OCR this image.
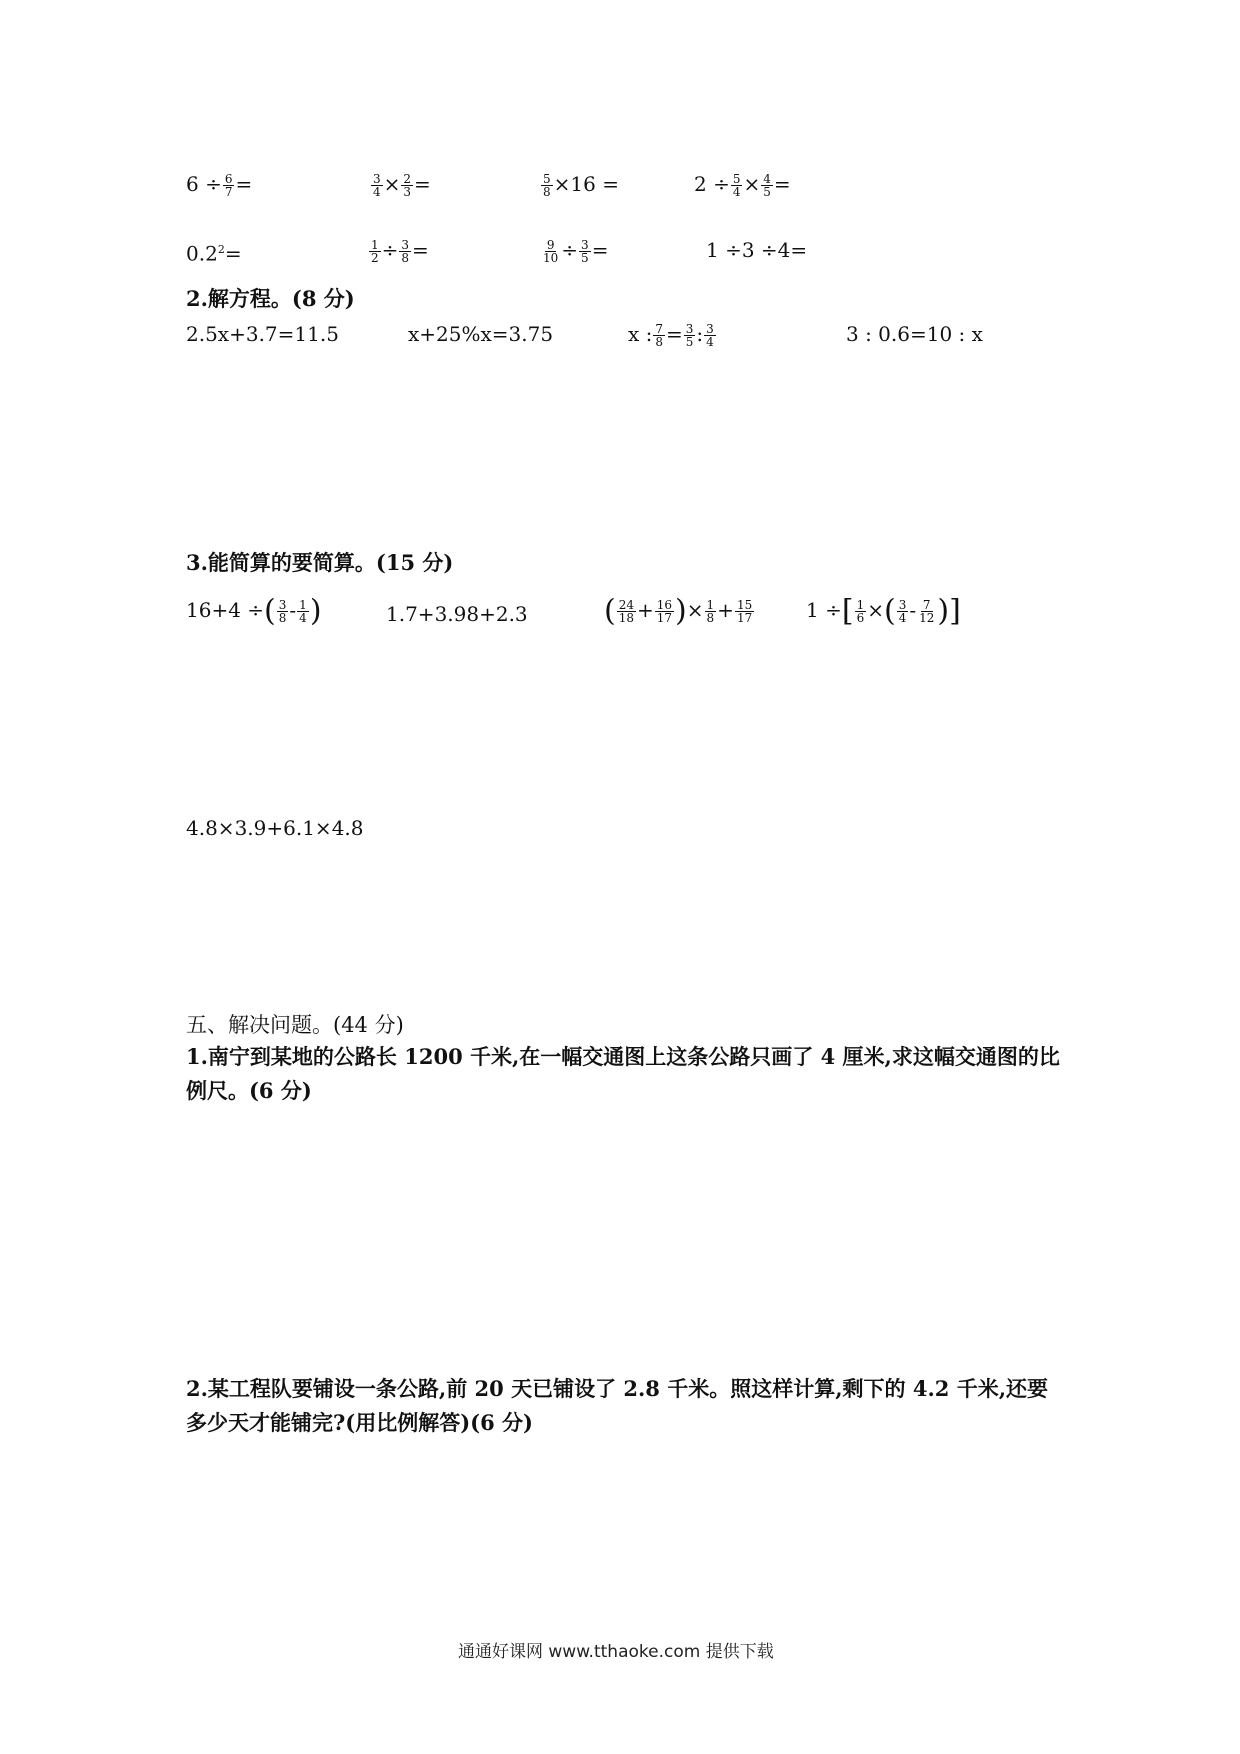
$6 \div \frac{6}{7}$ =	$\frac{3}{4} \times \frac{2}{3}$ =	$\frac{5}{8} \times 16$ =	$2 \div \frac{5}{4} \times \frac{4}{5}$ =
$0.2^2=$	$\frac{1}{2} \div \frac{3}{8}$ =	$\frac{9}{10} \div \frac{3}{5}$ =	1 ÷3 ÷4=
2.解方程。(8 分)
2.5x+3.7=11.5	x+25%x=3.75	x : $\frac{7}{8} = \frac{3}{5}$ : $\frac{3}{4}$	3 : 0.6=10 : x
3.能简算的要简算。(15 分)
16+4 ÷( $\frac{3}{8} - \frac{1}{4}$ )	1.7+3.98+2.3	( $\frac{24}{18} + \frac{16}{17}$ )× $\frac{1}{8} + \frac{15}{17}$	1 ÷[ $\frac{1}{6}$ ×( $\frac{3}{4} - \frac{7}{12}$ )]
4.8×3.9+6.1×4.8
五、解决问题。(44 分)
1.南宁到某地的公路长 1200 千米,在一幅交通图上这条公路只画了 4 厘米,求这幅交通图的比例尺。(6 分)
2.某工程队要铺设一条公路,前 20 天已铺设了 2.8 千米。照这样计算,剩下的 4.2 千米,还要多少天才能铺完?(用比例解答)(6 分)
通通好课网 www.tthaoke.com 提供下载
